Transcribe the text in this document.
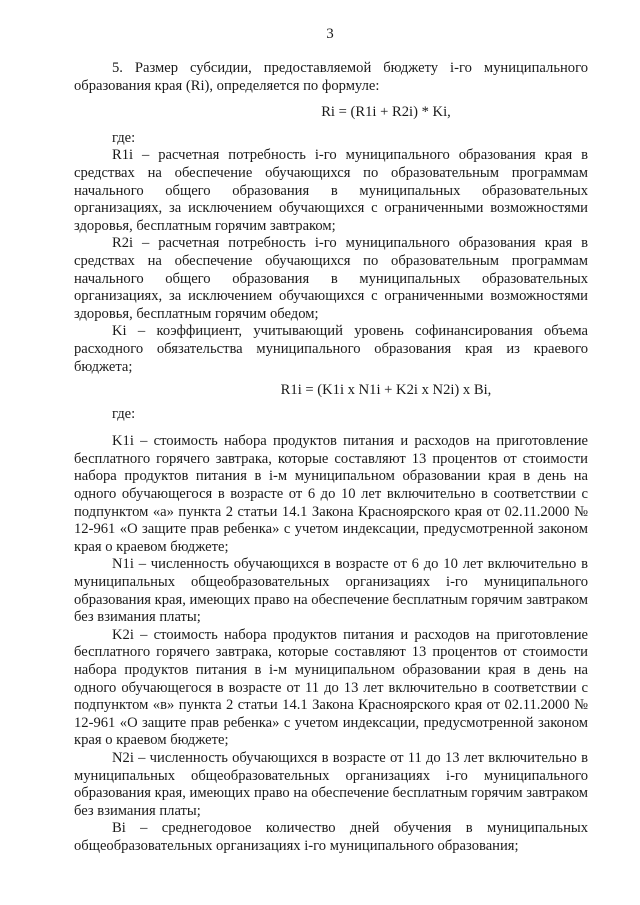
3

5. Размер субсидии, предоставляемой бюджету i-го муниципального образования края (Ri), определяется по формуле:

Ri = (R1i + R2i) * Ki,

где:

R1i – расчетная потребность i-го муниципального образования края в средствах на обеспечение обучающихся по образовательным программам начального общего образования в муниципальных образовательных организациях, за исключением обучающихся с ограниченными возможностями здоровья, бесплатным горячим завтраком;

R2i – расчетная потребность i-го муниципального образования края в средствах на обеспечение обучающихся по образовательным программам начального общего образования в муниципальных образовательных организациях, за исключением обучающихся с ограниченными возможностями здоровья, бесплатным горячим обедом;

Ki – коэффициент, учитывающий уровень софинансирования объема расходного обязательства муниципального образования края из краевого бюджета;

R1i = (K1i x N1i + K2i x N2i) x Bi,

где:

K1i – стоимость набора продуктов питания и расходов на приготовление бесплатного горячего завтрака, которые составляют 13 процентов от стоимости набора продуктов питания в i-м муниципальном образовании края в день на одного обучающегося в возрасте от 6 до 10 лет включительно в соответствии с подпунктом «а» пункта 2 статьи 14.1 Закона Красноярского края от 02.11.2000 № 12-961 «О защите прав ребенка» с учетом индексации, предусмотренной законом края о краевом бюджете;

N1i – численность обучающихся в возрасте от 6 до 10 лет включительно в муниципальных общеобразовательных организациях i-го муниципального образования края, имеющих право на обеспечение бесплатным горячим завтраком без взимания платы;

K2i – стоимость набора продуктов питания и расходов на приготовление бесплатного горячего завтрака, которые составляют 13 процентов от стоимости набора продуктов питания в i-м муниципальном образовании края в день на одного обучающегося в возрасте от 11 до 13 лет включительно в соответствии с подпунктом «в» пункта 2 статьи 14.1 Закона Красноярского края от 02.11.2000 № 12-961 «О защите прав ребенка» с учетом индексации, предусмотренной законом края о краевом бюджете;

N2i – численность обучающихся в возрасте от 11 до 13 лет включительно в муниципальных общеобразовательных организациях i-го муниципального образования края, имеющих право на обеспечение бесплатным горячим завтраком без взимания платы;

Bi – среднегодовое количество дней обучения в муниципальных общеобразовательных организациях i-го муниципального образования;
